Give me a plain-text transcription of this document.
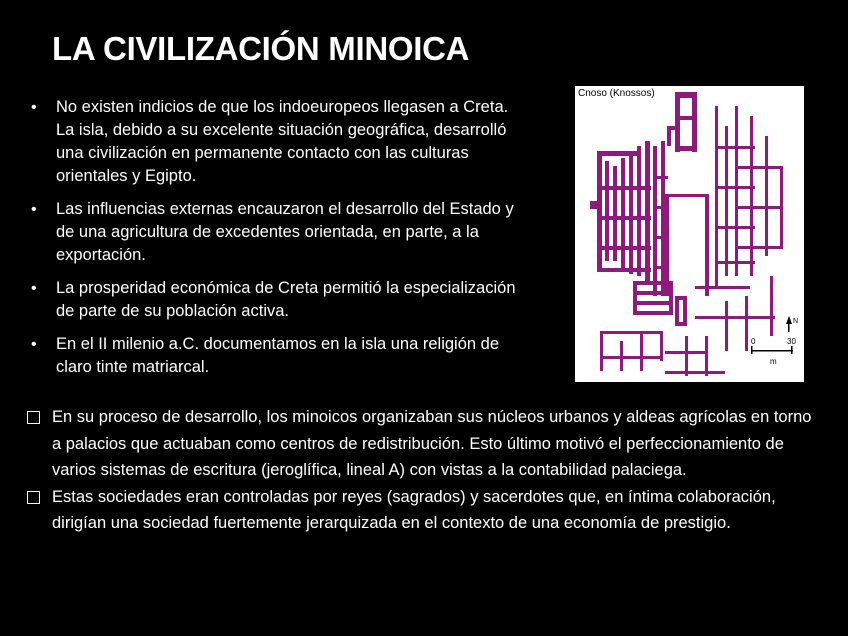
LA CIVILIZACIÓN MINOICA
• No existen indicios de que los indoeuropeos llegasen a Creta. La isla, debido a su excelente situación geográfica, desarrolló una civilización en permanente contacto con las culturas orientales y Egipto.
• Las influencias externas encauzaron el desarrollo del Estado y de una agricultura de excedentes orientada, en parte, a la exportación.
• La prosperidad económica de Creta permitió la especialización de parte de su población activa.
• En el II milenio a.C. documentamos en la isla una religión de claro tinte matriarcal.
Cnoso (Knossos)
0	30
m
N
En su proceso de desarrollo, los minoicos organizaban sus núcleos urbanos y aldeas agrícolas en torno a palacios que actuaban como centros de redistribución. Esto último motivó el perfeccionamiento de varios sistemas de escritura (jeroglífica, lineal A) con vistas a la contabilidad palaciega.
Estas sociedades eran controladas por reyes (sagrados) y sacerdotes que, en íntima colaboración, dirigían una sociedad fuertemente jerarquizada en el contexto de una economía de prestigio.
